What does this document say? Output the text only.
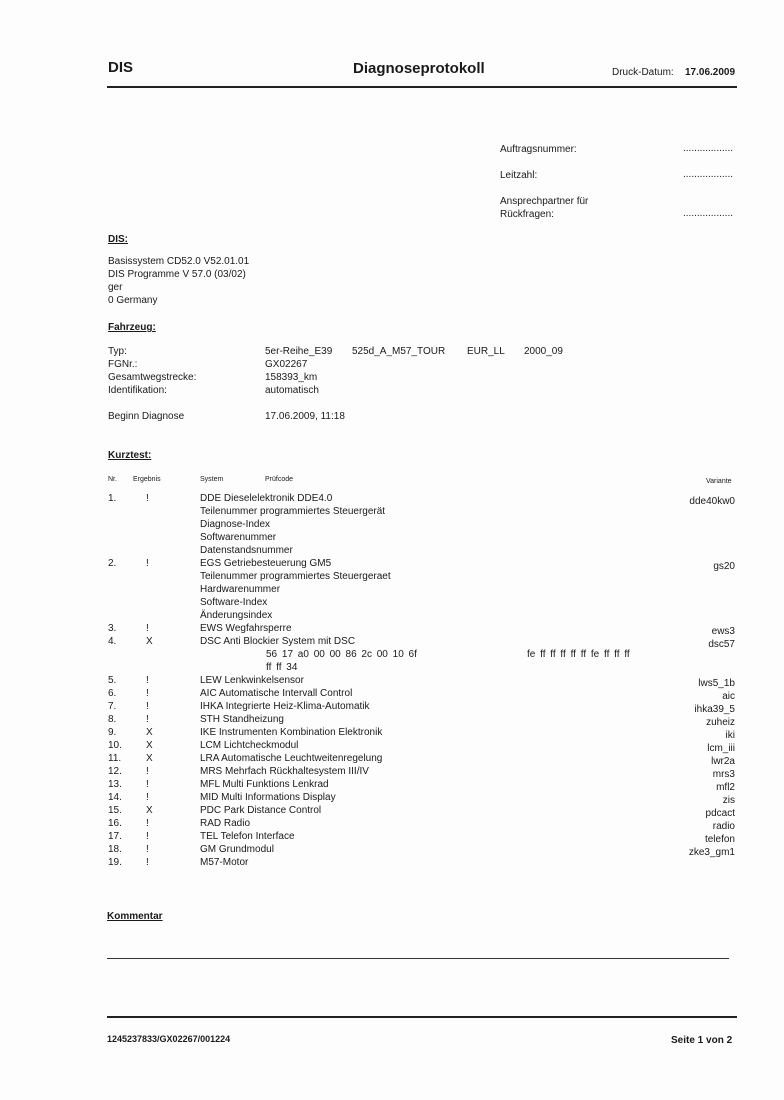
DIS	Diagnoseprotokoll	Druck-Datum: 17.06.2009
Auftragsnummer:	..................
Leitzahl:	..................
Ansprechpartner für
Rückfragen:	..................
DIS:
Basissystem CD52.0 V52.01.01
DIS Programme V 57.0 (03/02)
ger
0 Germany
Fahrzeug:
Typ:	5er-Reihe_E39 525d_A_M57_TOUR EUR_LL 2000_09
FGNr.:	GX02267
Gesamtwegstrecke:	158393_km
Identifikation:	automatisch
Beginn Diagnose	17.06.2009, 11:18
Kurztest:
Nr. Ergebnis	System	Prüfcode	Variante
1.	!	DDE Dieselelektronik DDE4.0	dde40kw0
Teilenummer programmiertes Steuergerät
Diagnose-Index
Softwarenummer
Datenstandsnummer
2.	!	EGS Getriebesteuerung GM5	gs20
Teilenummer programmiertes Steuergeraet
Hardwarenummer
Software-Index
Änderungsindex
3.	!	EWS Wegfahrsperre	ews3
4.	X	DSC Anti Blockier System mit DSC	dsc57
56 17 a0 00 00 86 2c 00 10 6f	fe ff ff ff ff ff fe ff ff ff
ff ff 34
5.	!	LEW Lenkwinkelsensor	lws5_1b
6.	!	AIC Automatische Intervall Control	aic
7.	!	IHKA Integrierte Heiz-Klima-Automatik	ihka39_5
8.	!	STH Standheizung	zuheiz
9.	X	IKE Instrumenten Kombination Elektronik	iki
10. X	LCM Lichtcheckmodul	lcm_iii
11. X	LRA Automatische Leuchtweitenregelung	lwr2a
12. !	MRS Mehrfach Rückhaltesystem III/IV	mrs3
13. !	MFL Multi Funktions Lenkrad	mfl2
14. !	MID Multi Informations Display	zis
15. X	PDC Park Distance Control	pdcact
16. !	RAD Radio	radio
17. !	TEL Telefon Interface	telefon
18. !	GM Grundmodul	zke3_gm1
19. !	M57-Motor
Kommentar
1245237833/GX02267/001224	Seite 1 von 2
